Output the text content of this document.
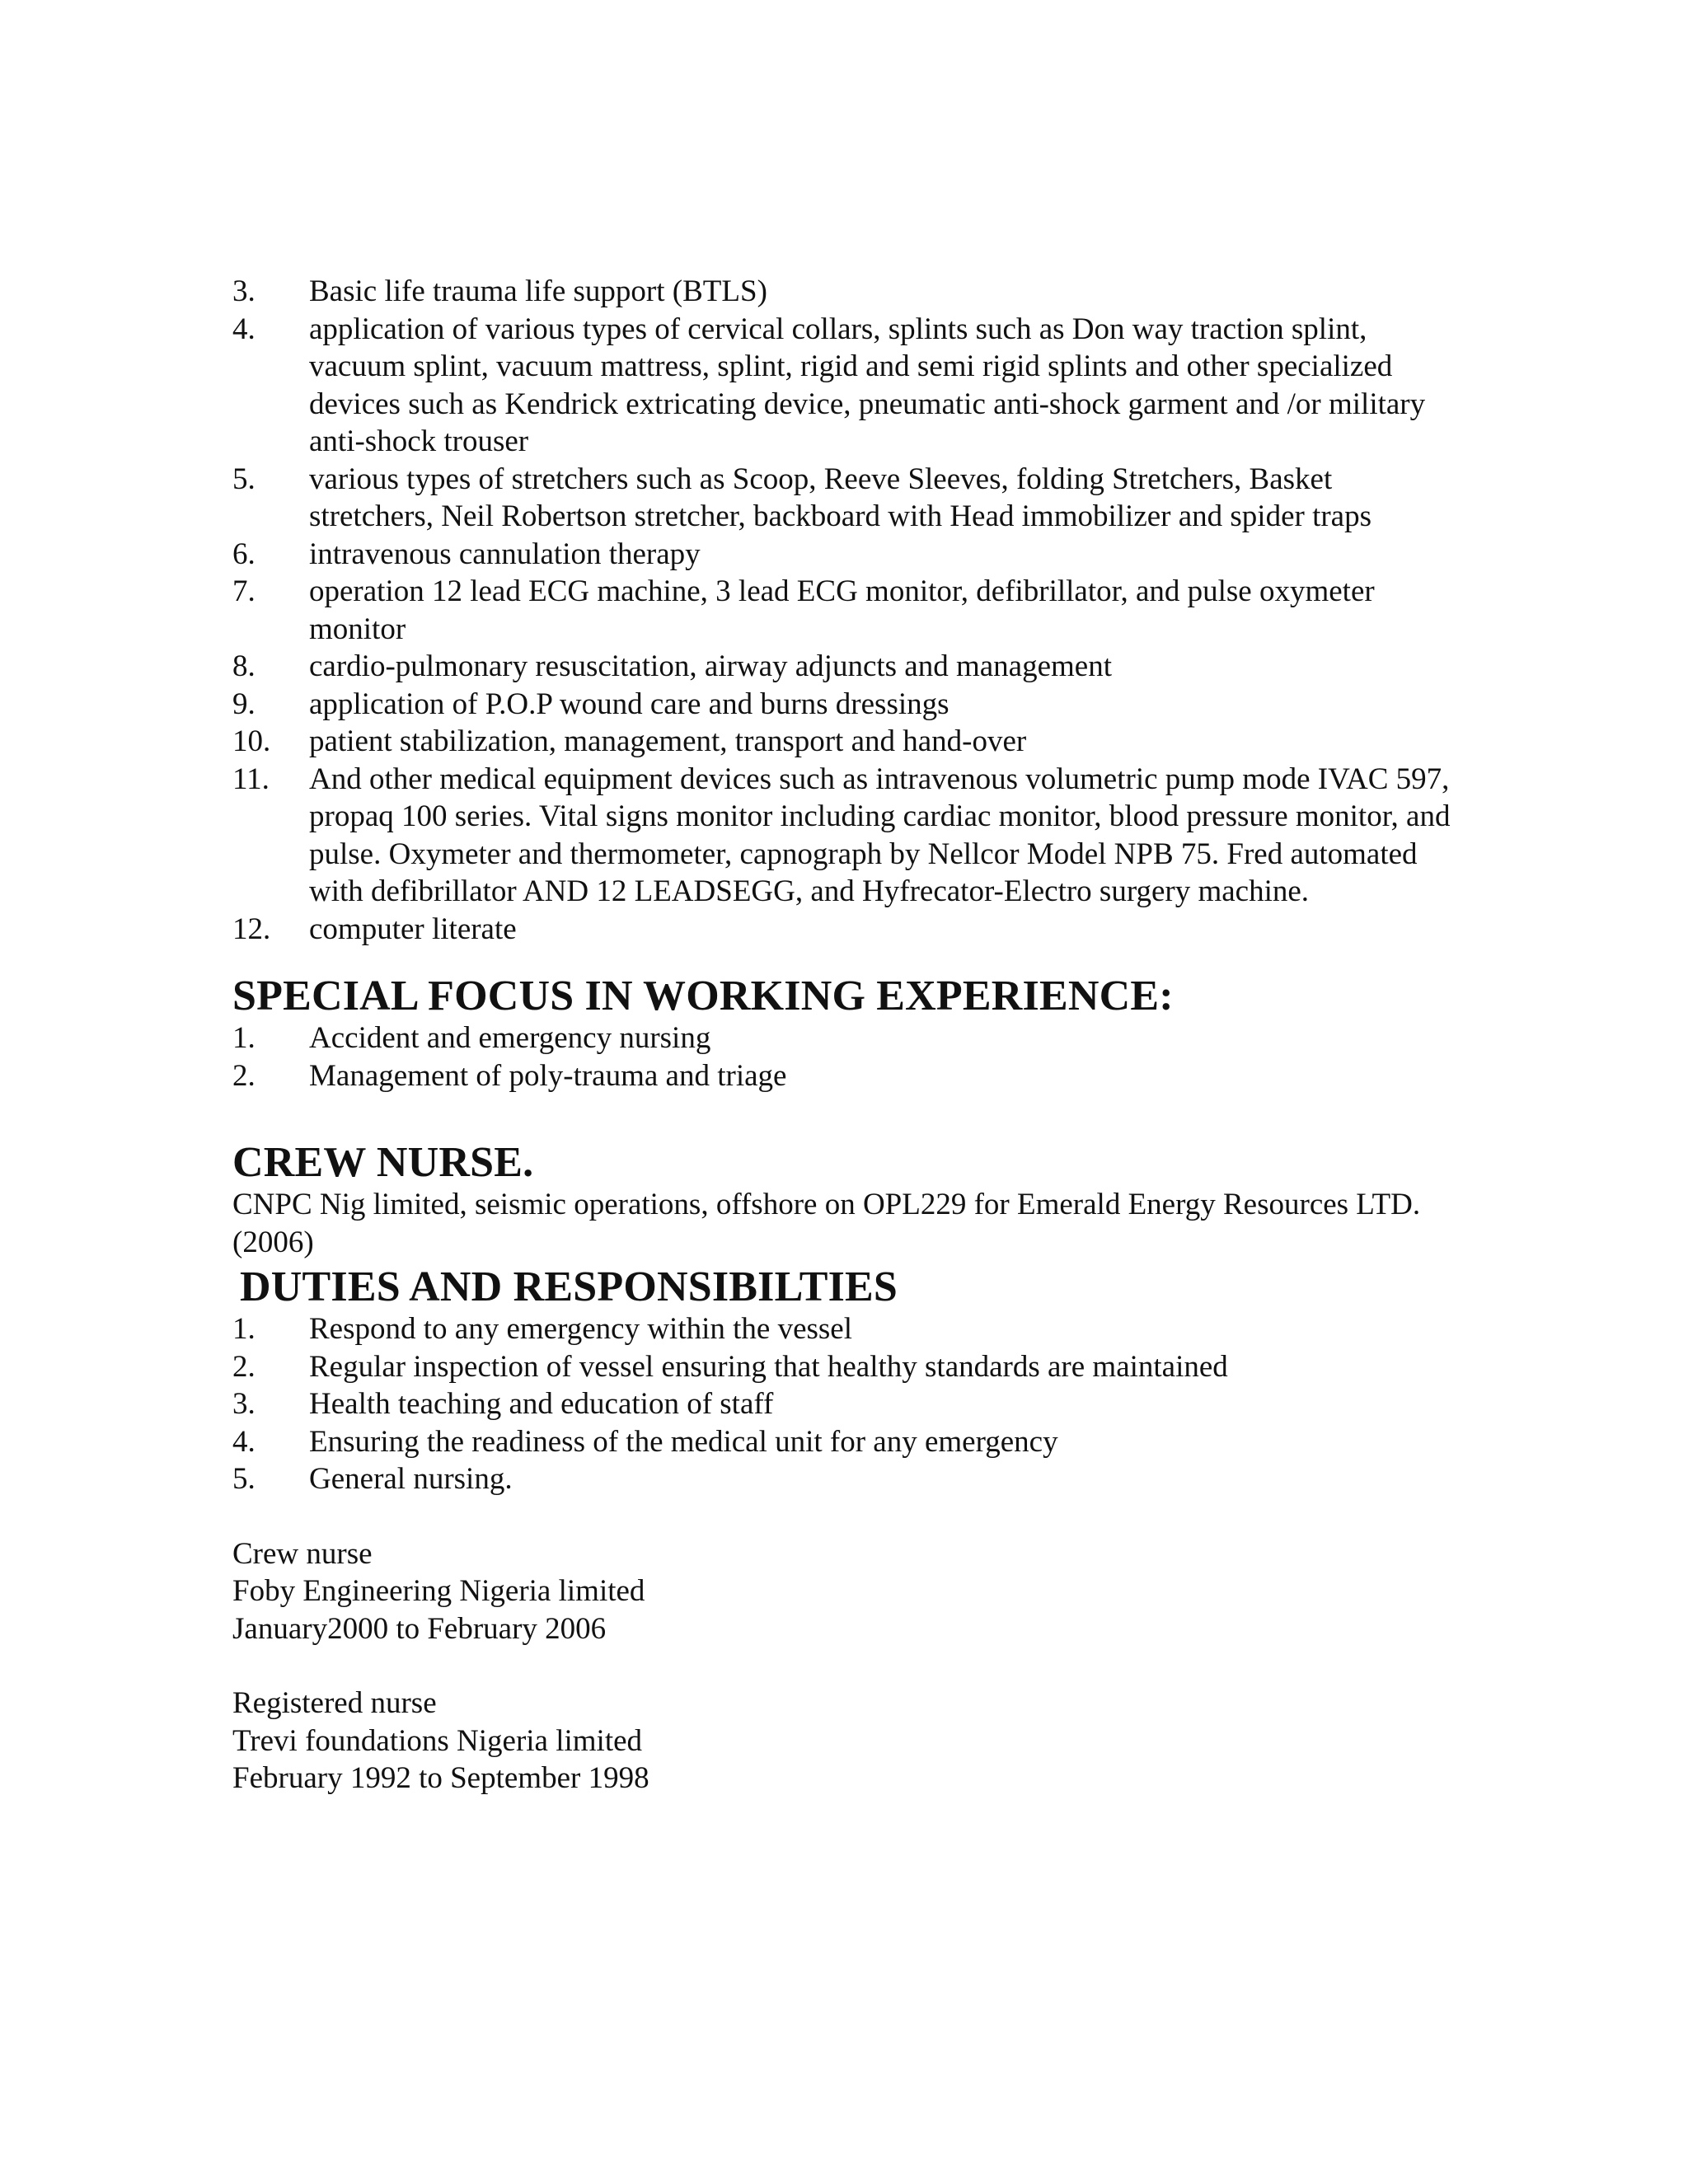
3. Basic life trauma life support (BTLS)
4. application of various types of cervical collars, splints such as Don way traction splint, vacuum splint, vacuum mattress, splint, rigid and semi rigid splints and other specialized devices such as Kendrick extricating device, pneumatic anti-shock garment and /or military anti-shock trouser
5. various types of stretchers such as Scoop, Reeve Sleeves, folding Stretchers, Basket stretchers, Neil Robertson stretcher, backboard with Head immobilizer and spider traps
6. intravenous cannulation therapy
7. operation 12 lead ECG machine, 3 lead ECG monitor, defibrillator, and pulse oxymeter monitor
8. cardio-pulmonary resuscitation, airway adjuncts and management
9. application of P.O.P wound care and burns dressings
10. patient stabilization, management, transport and hand-over
11. And other medical equipment devices such as intravenous volumetric pump mode IVAC 597, propaq 100 series. Vital signs monitor including cardiac monitor, blood pressure monitor, and pulse. Oxymeter and thermometer, capnograph by Nellcor Model NPB 75. Fred automated with defibrillator AND 12 LEADSEGG, and Hyfrecator-Electro surgery machine.
12. computer literate
SPECIAL FOCUS IN WORKING EXPERIENCE:
1. Accident and emergency nursing
2. Management of poly-trauma and triage
CREW NURSE.

CNPC Nig limited, seismic operations, offshore on OPL229 for Emerald Energy Resources LTD. (2006)

DUTIES AND RESPONSIBILTIES
1. Respond to any emergency within the vessel
2. Regular inspection of vessel ensuring that healthy standards are maintained
3. Health teaching and education of staff
4. Ensuring the readiness of the medical unit for any emergency
5. General nursing.

Crew nurse

Foby Engineering Nigeria limited

January2000 to February 2006

Registered nurse

Trevi foundations Nigeria limited

February 1992 to September 1998
